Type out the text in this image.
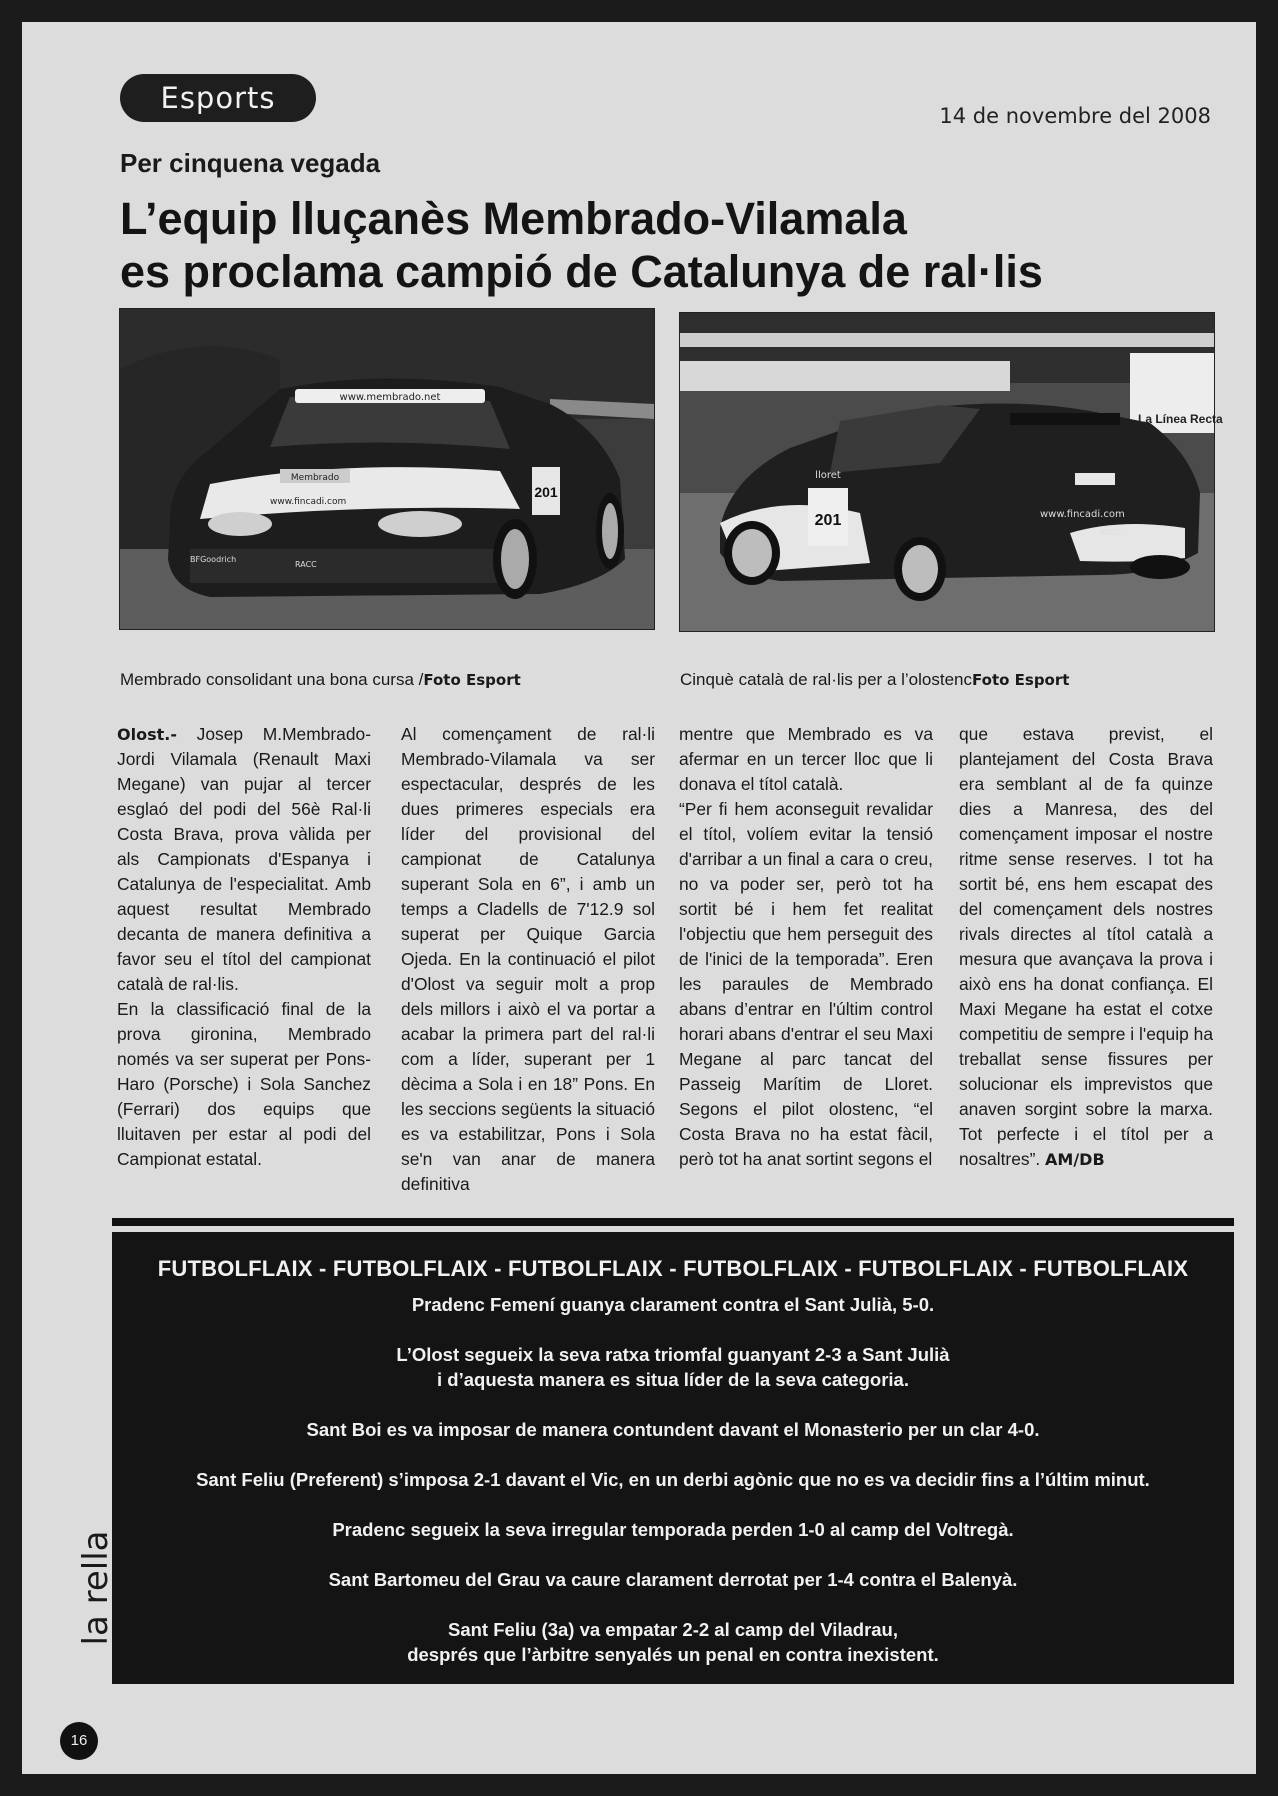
Esports
14 de novembre del 2008
Per cinquena vegada
L’equip lluçanès Membrado-Vilamala
es proclama campió de Catalunya de ral·lis
www.membrado.net
www.fincadi.com
BFGoodrich
RACC
Membrado
201
Membrado consolidant una bona cursa /Foto Esport
La Línea Recta
lloret
201	www.fincadi.com
RACC
Cinquè català de ral·lis per a l’olostencFoto Esport

Olost.- Josep M.Membrado-Jordi Vilamala (Renault Maxi Megane) van pujar al tercer esglaó del podi del 56è Ral·li Costa Brava, prova vàlida per als Campionats d'Espanya i Catalunya de l'especialitat. Amb aquest resultat Membrado decanta de manera definitiva a favor seu el títol del campionat català de ral·lis.

En la classificació final de la prova gironina, Membrado només va ser superat per Pons-Haro (Porsche) i Sola Sanchez (Ferrari) dos equips que lluitaven per estar al podi del Campionat estatal.

Al començament de ral·li Membrado-Vilamala va ser espectacular, després de les dues primeres especials era líder del provisional del campionat de Catalunya superant Sola en 6”, i amb un temps a Cladells de 7'12.9 sol superat per Quique Garcia Ojeda. En la continuació el pilot d'Olost va seguir molt a prop dels millors i això el va portar a acabar la primera part del ral·li com a líder, superant per 1 dècima a Sola i en 18” Pons. En les seccions següents la situació es va estabilitzar, Pons i Sola se'n van anar de manera definitiva

mentre que Membrado es va afermar en un tercer lloc que li donava el títol català.

“Per fi hem aconseguit revalidar el títol, volíem evitar la tensió d'arribar a un final a cara o creu, no va poder ser, però tot ha sortit bé i hem fet realitat l'objectiu que hem perseguit des de l'inici de la temporada”. Eren les paraules de Membrado abans d’entrar en l'últim control horari abans d'entrar el seu Maxi Megane al parc tancat del Passeig Marítim de Lloret. Segons el pilot olostenc, “el Costa Brava no ha estat fàcil, però tot ha anat sortint segons el

que estava previst, el plantejament del Costa Brava era semblant al de fa quinze dies a Manresa, des del començament imposar el nostre ritme sense reserves. I tot ha sortit bé, ens hem escapat des del començament dels nostres rivals directes al títol català a mesura que avançava la prova i això ens ha donat confiança. El Maxi Megane ha estat el cotxe competitiu de sempre i l'equip ha treballat sense fissures per solucionar els imprevistos que anaven sorgint sobre la marxa. Tot perfecte i el títol per a nosaltres”. AM/DB

FUTBOLFLAIX - FUTBOLFLAIX - FUTBOLFLAIX - FUTBOLFLAIX - FUTBOLFLAIX - FUTBOLFLAIX
Pradenc Femení guanya clarament contra el Sant Julià, 5-0.
L’Olost segueix la seva ratxa triomfal guanyant 2-3 a Sant Julià
i d’aquesta manera es situa líder de la seva categoria.
Sant Boi es va imposar de manera contundent davant el Monasterio per un clar 4-0.
Sant Feliu (Preferent) s’imposa 2-1 davant el Vic, en un derbi agònic que no es va decidir fins a l’últim minut.
Pradenc segueix la seva irregular temporada perden 1-0 al camp del Voltregà.
Sant Bartomeu del Grau va caure clarament derrotat per 1-4 contra el Balenyà.
Sant Feliu (3a) va empatar 2-2 al camp del Viladrau,
després que l’àrbitre senyalés un penal en contra inexistent.
la rella
16
